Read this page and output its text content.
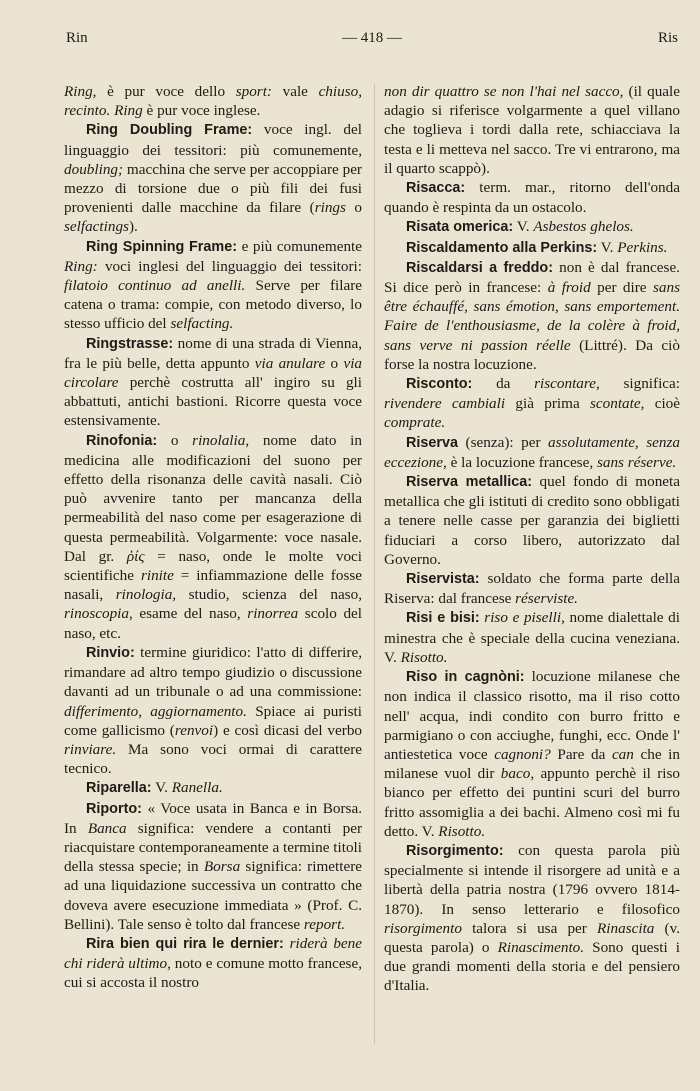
Rin	— 418 —	Ris

Ring, è pur voce dello sport: vale chiuso, recinto. Ring è pur voce inglese.

Ring Doubling Frame: voce ingl. del linguaggio dei tessitori: più comunemente, doubling; macchina che serve per accoppiare per mezzo di torsione due o più fili dei fusi provenienti dalle macchine da filare (rings o selfactings).

Ring Spinning Frame: e più comunemente Ring: voci inglesi del linguaggio dei tessitori: filatoio continuo ad anelli. Serve per filare catena o trama: compie, con metodo diverso, lo stesso ufficio del selfacting.

Ringstrasse: nome di una strada di Vienna, fra le più belle, detta appunto via anulare o via circolare perchè costrutta all' ingiro su gli abbattuti, antichi bastioni. Ricorre questa voce estensivamente.

Rinofonia: o rinolalia, nome dato in medicina alle modificazioni del suono per effetto della risonanza delle cavità nasali. Ciò può avvenire tanto per mancanza della permeabilità del naso come per esagerazione di questa permeabilità. Volgarmente: voce nasale. Dal gr. ῥίς = naso, onde le molte voci scientifiche rinite = infiammazione delle fosse nasali, rinologia, studio, scienza del naso, rinoscopia, esame del naso, rinorrea scolo del naso, etc.

Rinvio: termine giuridico: l'atto di differire, rimandare ad altro tempo giudizio o discussione davanti ad un tribunale o ad una commissione: differimento, aggiornamento. Spiace ai puristi come gallicismo (renvoi) e così dicasi del verbo rinviare. Ma sono voci ormai di carattere tecnico.

Riparella: V. Ranella.

Riporto: « Voce usata in Banca e in Borsa. In Banca significa: vendere a contanti per riacquistare contemporaneamente a termine titoli della stessa specie; in Borsa significa: rimettere ad una liquidazione successiva un contratto che doveva avere esecuzione immediata » (Prof. C. Bellini). Tale senso è tolto dal francese report.

Rira bien qui rira le dernier: riderà bene chi riderà ultimo, noto e comune motto francese, cui si accosta il nostro

non dir quattro se non l'hai nel sacco, (il quale adagio si riferisce volgarmente a quel villano che toglieva i tordi dalla rete, schiacciava la testa e li metteva nel sacco. Tre vi entrarono, ma il quarto scappò).

Risacca: term. mar., ritorno dell'onda quando è respinta da un ostacolo.

Risata omerica: V. Asbestos ghelos.

Riscaldamento alla Perkins: V. Perkins.

Riscaldarsi a freddo: non è dal francese. Si dice però in francese: à froid per dire sans être échauffé, sans émotion, sans emportement. Faire de l'enthousiasme, de la colère à froid, sans verve ni passion réelle (Littré). Da ciò forse la nostra locuzione.

Risconto: da riscontare, significa: rivendere cambiali già prima scontate, cioè comprate.

Riserva (senza): per assolutamente, senza eccezione, è la locuzione francese, sans réserve.

Riserva metallica: quel fondo di moneta metallica che gli istituti di credito sono obbligati a tenere nelle casse per garanzia dei biglietti fiduciari a corso libero, autorizzato dal Governo.

Riservista: soldato che forma parte della Riserva: dal francese réserviste.

Risi e bisi: riso e piselli, nome dialettale di minestra che è speciale della cucina veneziana. V. Risotto.

Riso in cagnòni: locuzione milanese che non indica il classico risotto, ma il riso cotto nell' acqua, indi condito con burro fritto e parmigiano o con acciughe, funghi, ecc. Onde l' antiestetica voce cagnoni? Pare da can che in milanese vuol dir baco, appunto perchè il riso bianco per effetto dei puntini scuri del burro fritto assomiglia a dei bachi. Almeno così mi fu detto. V. Risotto.

Risorgimento: con questa parola più specialmente si intende il risorgere ad unità e a libertà della patria nostra (1796 ovvero 1814-1870). In senso letterario e filosofico risorgimento talora si usa per Rinascita (v. questa parola) o Rinascimento. Sono questi i due grandi momenti della storia e del pensiero d'Italia.
